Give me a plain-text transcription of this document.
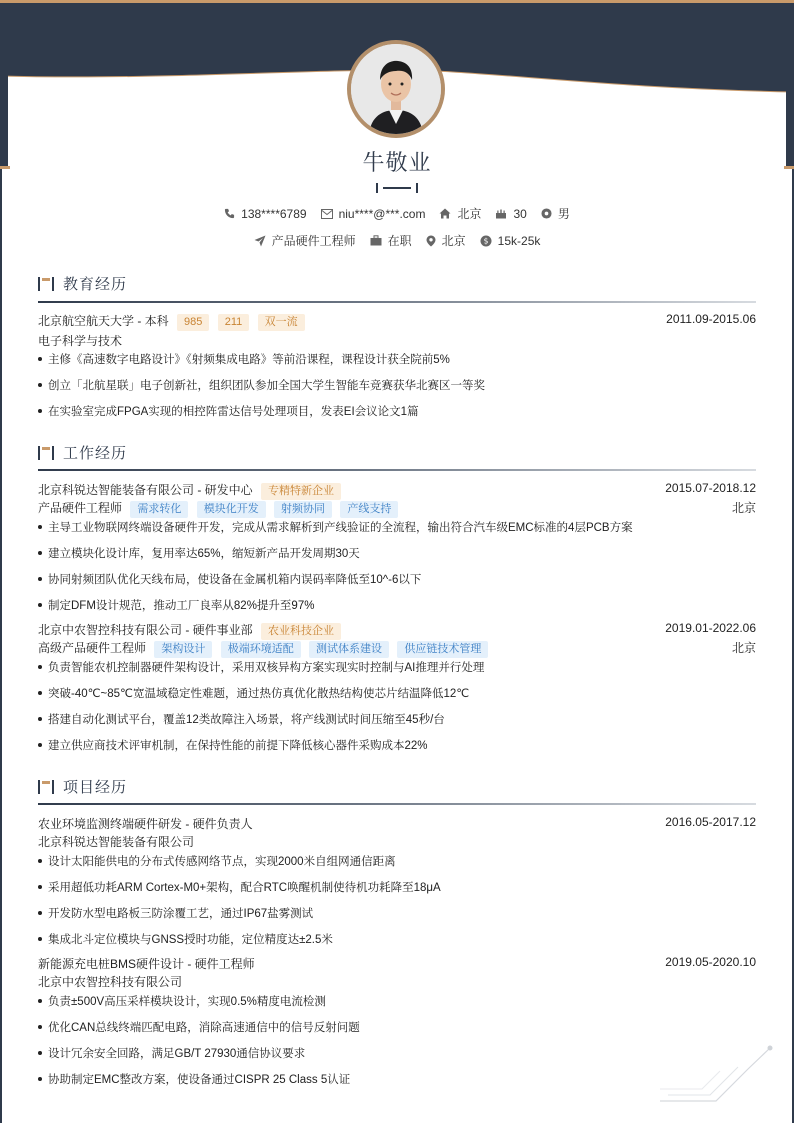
牛敬业
138****6789	niu****@***.com	北京	30	男
产品硬件工程师	在职	北京 $ 15k-25k
教育经历
北京航空航天大学 - 本科 985 211 双一流	2011.09-2015.06
电子科学与技术
主修《高速数字电路设计》《射频集成电路》等前沿课程，课程设计获全院前5%
创立「北航星联」电子创新社，组织团队参加全国大学生智能车竞赛获华北赛区一等奖
在实验室完成FPGA实现的相控阵雷达信号处理项目，发表EI会议论文1篇
工作经历
北京科锐达智能装备有限公司 - 研发中心 专精特新企业	2015.07-2018.12
产品硬件工程师 需求转化 模块化开发 射频协同 产线支持	北京
主导工业物联网终端设备硬件开发，完成从需求解析到产线验证的全流程，输出符合汽车级EMC标准的4层PCB方案
建立模块化设计库，复用率达65%，缩短新产品开发周期30天
协同射频团队优化天线布局，使设备在金属机箱内误码率降低至10^-6以下
制定DFM设计规范，推动工厂良率从82%提升至97%
北京中农智控科技有限公司 - 硬件事业部 农业科技企业	2019.01-2022.06
高级产品硬件工程师 架构设计 极端环境适配 测试体系建设 供应链技术管理	北京
负责智能农机控制器硬件架构设计，采用双核异构方案实现实时控制与AI推理并行处理
突破-40℃~85℃宽温域稳定性难题，通过热仿真优化散热结构使芯片结温降低12℃
搭建自动化测试平台，覆盖12类故障注入场景，将产线测试时间压缩至45秒/台
建立供应商技术评审机制，在保持性能的前提下降低核心器件采购成本22%
项目经历
农业环境监测终端硬件研发 - 硬件负责人	2016.05-2017.12
北京科锐达智能装备有限公司
设计太阳能供电的分布式传感网络节点，实现2000米自组网通信距离
采用超低功耗ARM Cortex-M0+架构，配合RTC唤醒机制使待机功耗降至18μA
开发防水型电路板三防涂覆工艺，通过IP67盐雾测试
集成北斗定位模块与GNSS授时功能，定位精度达±2.5米
新能源充电桩BMS硬件设计 - 硬件工程师	2019.05-2020.10
北京中农智控科技有限公司
负责±500V高压采样模块设计，实现0.5%精度电流检测
优化CAN总线终端匹配电路，消除高速通信中的信号反射问题
设计冗余安全回路，满足GB/T 27930通信协议要求
协助制定EMC整改方案，使设备通过CISPR 25 Class 5认证
